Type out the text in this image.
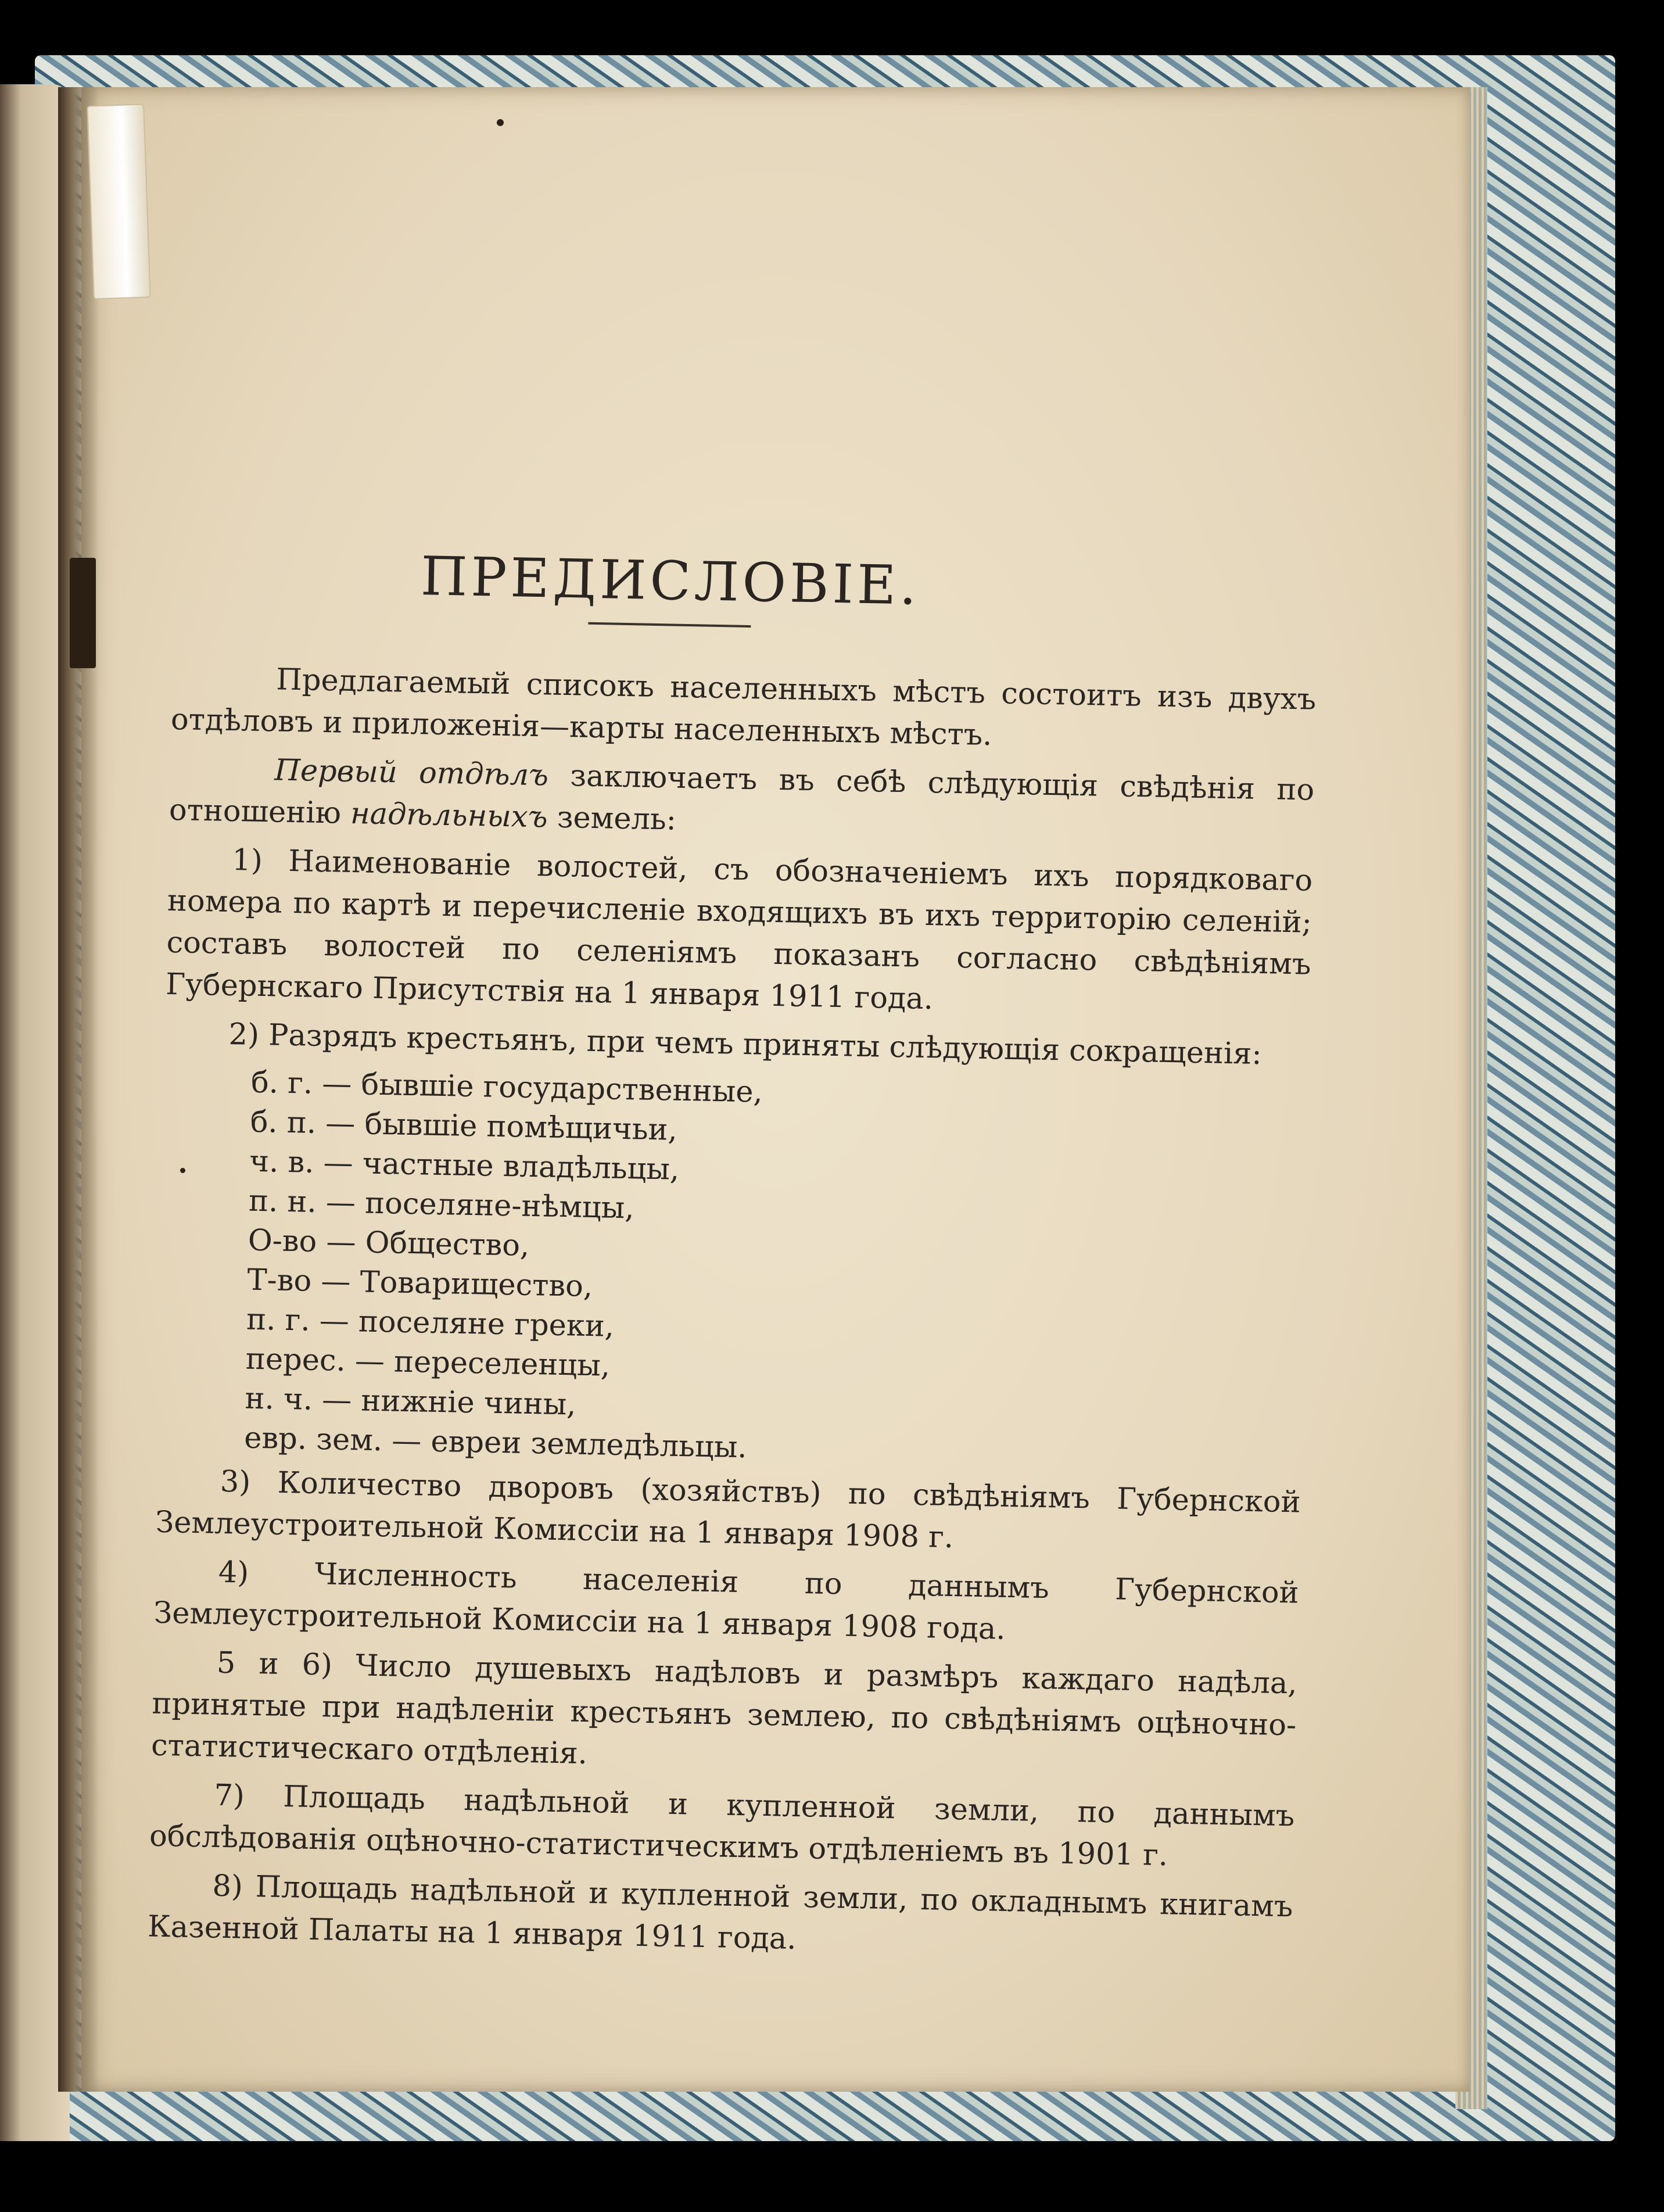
ПРЕДИСЛОВІЕ.

Предлагаемый списокъ населенныхъ мѣстъ состоитъ изъ двухъ отдѣловъ и приложенія—карты населенныхъ мѣстъ.

Первый отдѣлъ заключаетъ въ себѣ слѣдующія свѣдѣнія по отношенію надѣльныхъ земель:

1) Наименованіе волостей, съ обозначеніемъ ихъ порядковаго номера по картѣ и перечисленіе входящихъ въ ихъ территорію селеній; составъ волостей по селеніямъ показанъ согласно свѣдѣніямъ Губернскаго Присутствія на 1 января 1911 года.

2) Разрядъ крестьянъ, при чемъ приняты слѣдующія сокращенія:

б. г. — бывшіе государственные,
б. п. — бывшіе помѣщичьи,
ч. в. — частные владѣльцы,
п. н. — поселяне-нѣмцы,
О-во — Общество,
Т-во — Товарищество,
п. г. — поселяне греки,
перес. — переселенцы,
н. ч. — нижніе чины,
евр. зем. — евреи земледѣльцы.

3) Количество дворовъ (хозяйствъ) по свѣдѣніямъ Губернской Землеустроительной Комиссіи на 1 января 1908 г.

4) Численность населенія по даннымъ Губернской Землеустроительной Комиссіи на 1 января 1908 года.

5 и 6) Число душевыхъ надѣловъ и размѣръ каждаго надѣла, принятые при надѣленіи крестьянъ землею, по свѣдѣніямъ оцѣночно-статистическаго отдѣленія.

7) Площадь надѣльной и купленной земли, по даннымъ обслѣдованія оцѣночно-статистическимъ отдѣленіемъ въ 1901 г.

8) Площадь надѣльной и купленной земли, по окладнымъ книгамъ Казенной Палаты на 1 января 1911 года.
